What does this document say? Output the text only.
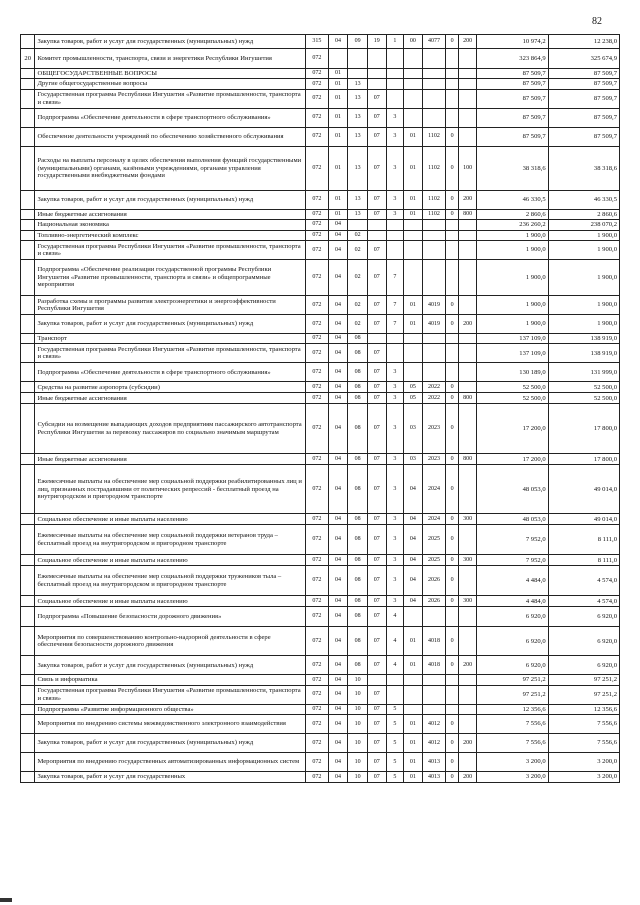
82
	Закупка товаров, работ и услуг для государственных (муниципальных) нужд	315	04	09	19	1	00	4077	0	200	10 974,2	12 238,0
20	Комитет промышленности, транспорта, связи и энергетики Республики Ингушетия	072									323 864,9	325 674,9
	ОБЩЕГОСУДАРСТВЕННЫЕ ВОПРОСЫ	072	01								87 509,7	87 509,7
	Другие общегосударственные вопросы	072	01	13							87 509,7	87 509,7
	Государственная программа Республики Ингушетия «Развитие промышленности, транспорта и связи»	072	01	13	07						87 509,7	87 509,7
	Подпрограмма «Обеспечение деятельности в сфере транспортного обслуживания»	072	01	13	07	3					87 509,7	87 509,7
	Обеспечение деятельности учреждений по обеспечению хозяйственного обслуживания	072	01	13	07	3	01	1102	0		87 509,7	87 509,7
	Расходы на выплаты персоналу в целях обеспечения выполнения функций государственными (муниципальными) органами, казёнными учреждениями, органами управления государственными внебюджетными фондами	072	01	13	07	3	01	1102	0	100	38 318,6	38 318,6
	Закупка товаров, работ и услуг для государственных (муниципальных) нужд	072	01	13	07	3	01	1102	0	200	46 330,5	46 330,5
	Иные бюджетные ассигнования	072	01	13	07	3	01	1102	0	800	2 860,6	2 860,6
	Национальная экономика	072	04								236 260,2	238 070,2
	Топливно-энергетический комплекс	072	04	02							1 900,0	1 900,0
	Государственная программа Республики Ингушетия «Развитие промышленности, транспорта и связи»	072	04	02	07						1 900,0	1 900,0
	Подпрограмма «Обеспечение реализации государственной программы Республики Ингушетия «Развитие промышленности, транспорта и связи» и общепрограммные мероприятия	072	04	02	07	7					1 900,0	1 900,0
	Разработка схемы и программы развития электроэнергетики и энергоэффективности Республики Ингушетия	072	04	02	07	7	01	4019	0		1 900,0	1 900,0
	Закупка товаров, работ и услуг для государственных (муниципальных) нужд	072	04	02	07	7	01	4019	0	200	1 900,0	1 900,0
	Транспорт	072	04	08							137 109,0	138 919,0
	Государственная программа Республики Ингушетия «Развитие промышленности, транспорта и связи»	072	04	08	07						137 109,0	138 919,0
	Подпрограмма «Обеспечение деятельности в сфере транспортного обслуживания»	072	04	08	07	3					130 189,0	131 999,0
	Средства на развитие аэропорта (субсидии)	072	04	08	07	3	05	2022	0		52 500,0	52 500,0
	Иные бюджетные ассигнования	072	04	08	07	3	05	2022	0	800	52 500,0	52 500,0
	Субсидии на возмещение выпадающих доходов предприятиям пассажирского автотранспорта Республики Ингушетия за перевозку пассажиров по социально значимым маршрутам	072	04	08	07	3	03	2023	0		17 200,0	17 800,0
	Иные бюджетные ассигнования	072	04	08	07	3	03	2023	0	800	17 200,0	17 800,0
	Ежемесячные выплаты на обеспечение мер социальной поддержки реабилитированных лиц и лиц, признанных пострадавшими от политических репрессий - бесплатный проезд на внутригородском и пригородном транспорте	072	04	08	07	3	04	2024	0		48 053,0	49 014,0
	Социальное обеспечение и иные выплаты населению	072	04	08	07	3	04	2024	0	300	48 053,0	49 014,0
	Ежемесячные выплаты на обеспечение мер социальной поддержки ветеранов труда – бесплатный проезд на внутригородском и пригородном транспорте	072	04	08	07	3	04	2025	0		7 952,0	8 111,0
	Социальное обеспечение и иные выплаты населению	072	04	08	07	3	04	2025	0	300	7 952,0	8 111,0
	Ежемесячные выплаты на обеспечение мер социальной поддержки тружеников тыла – бесплатный проезд на внутригородском и пригородном транспорте	072	04	08	07	3	04	2026	0		4 484,0	4 574,0
	Социальное обеспечение и иные выплаты населению	072	04	08	07	3	04	2026	0	300	4 484,0	4 574,0
	Подпрограмма «Повышение безопасности дорожного движения»	072	04	08	07	4					6 920,0	6 920,0
	Мероприятия по совершенствованию контрольно-надзорной деятельности в сфере обеспечения безопасности дорожного движения	072	04	08	07	4	01	4018	0		6 920,0	6 920,0
	Закупка товаров, работ и услуг для государственных (муниципальных) нужд	072	04	08	07	4	01	4018	0	200	6 920,0	6 920,0
	Связь и информатика	072	04	10							97 251,2	97 251,2
	Государственная программа Республики Ингушетия «Развитие промышленности, транспорта и связи»	072	04	10	07						97 251,2	97 251,2
	Подпрограмма «Развитие информационного общества»	072	04	10	07	5					12 356,6	12 356,6
	Мероприятия по внедрению системы межведомственного электронного взаимодействия	072	04	10	07	5	01	4012	0		7 556,6	7 556,6
	Закупка товаров, работ и услуг для государственных (муниципальных) нужд	072	04	10	07	5	01	4012	0	200	7 556,6	7 556,6
	Мероприятия по внедрению государственных автоматизированных информационных систем	072	04	10	07	5	01	4013	0		3 200,0	3 200,0
	Закупка товаров, работ и услуг для государственных	072	04	10	07	5	01	4013	0	200	3 200,0	3 200,0
